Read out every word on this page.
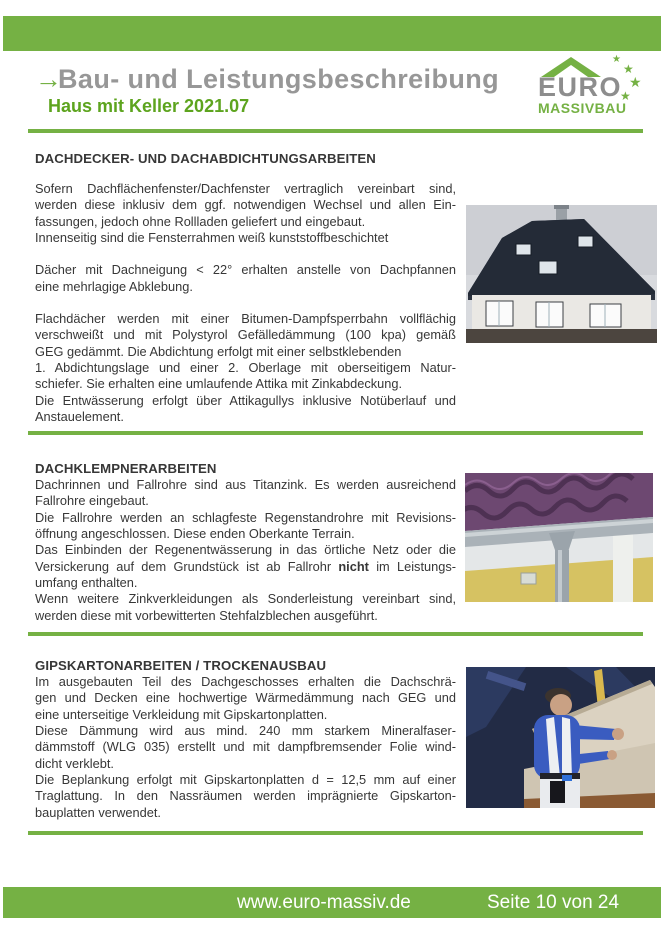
→
Bau- und Leistungsbeschreibung
Haus mit Keller 2021.07
EURO
MASSIVBAU
★
★
★
★
DACHDECKER- UND DACHABDICHTUNGSARBEITEN
Sofern Dachflächenfenster/Dachfenster vertraglich vereinbart sind,
werden diese inklusiv dem ggf. notwendigen Wechsel und allen Ein-
fassungen, jedoch ohne Rollladen geliefert und eingebaut.
Innenseitig sind die Fensterrahmen weiß kunststoffbeschichtet
Dächer mit Dachneigung < 22° erhalten anstelle von Dachpfannen
eine mehrlagige Abklebung.
Flachdächer werden mit einer Bitumen-Dampfsperrbahn vollflächig
verschweißt und mit Polystyrol Gefälledämmung (100 kpa) gemäß
GEG gedämmt. Die Abdichtung erfolgt mit einer selbstklebenden
1. Abdichtungslage und einer 2. Oberlage mit oberseitigem Natur-
schiefer. Sie erhalten eine umlaufende Attika mit Zinkabdeckung.
Die Entwässerung erfolgt über Attikagullys inklusive Notüberlauf und
Anstauelement.
DACHKLEMPNERARBEITEN
Dachrinnen und Fallrohre sind aus Titanzink. Es werden ausreichend
Fallrohre eingebaut.
Die Fallrohre werden an schlagfeste Regenstandrohre mit Revisions-
öffnung angeschlossen. Diese enden Oberkante Terrain.
Das Einbinden der Regenentwässerung in das örtliche Netz oder die
Versickerung auf dem Grundstück ist ab Fallrohr nicht im Leistungs-
umfang enthalten.
Wenn weitere Zinkverkleidungen als Sonderleistung vereinbart sind,
werden diese mit vorbewitterten Stehfalzblechen ausgeführt.
GIPSKARTONARBEITEN / TROCKENAUSBAU
Im ausgebauten Teil des Dachgeschosses erhalten die Dachschrä-
gen und Decken eine hochwertige Wärmedämmung nach GEG und
eine unterseitige Verkleidung mit Gipskartonplatten.
Diese Dämmung wird aus mind. 240 mm starkem Mineralfaser-
dämmstoff (WLG 035) erstellt und mit dampfbremsender Folie wind-
dicht verklebt.
Die Beplankung erfolgt mit Gipskartonplatten d = 12,5 mm auf einer
Traglattung. In den Nassräumen werden imprägnierte Gipskarton-
bauplatten verwendet.
www.euro-massiv.de	Seite 10 von 24
